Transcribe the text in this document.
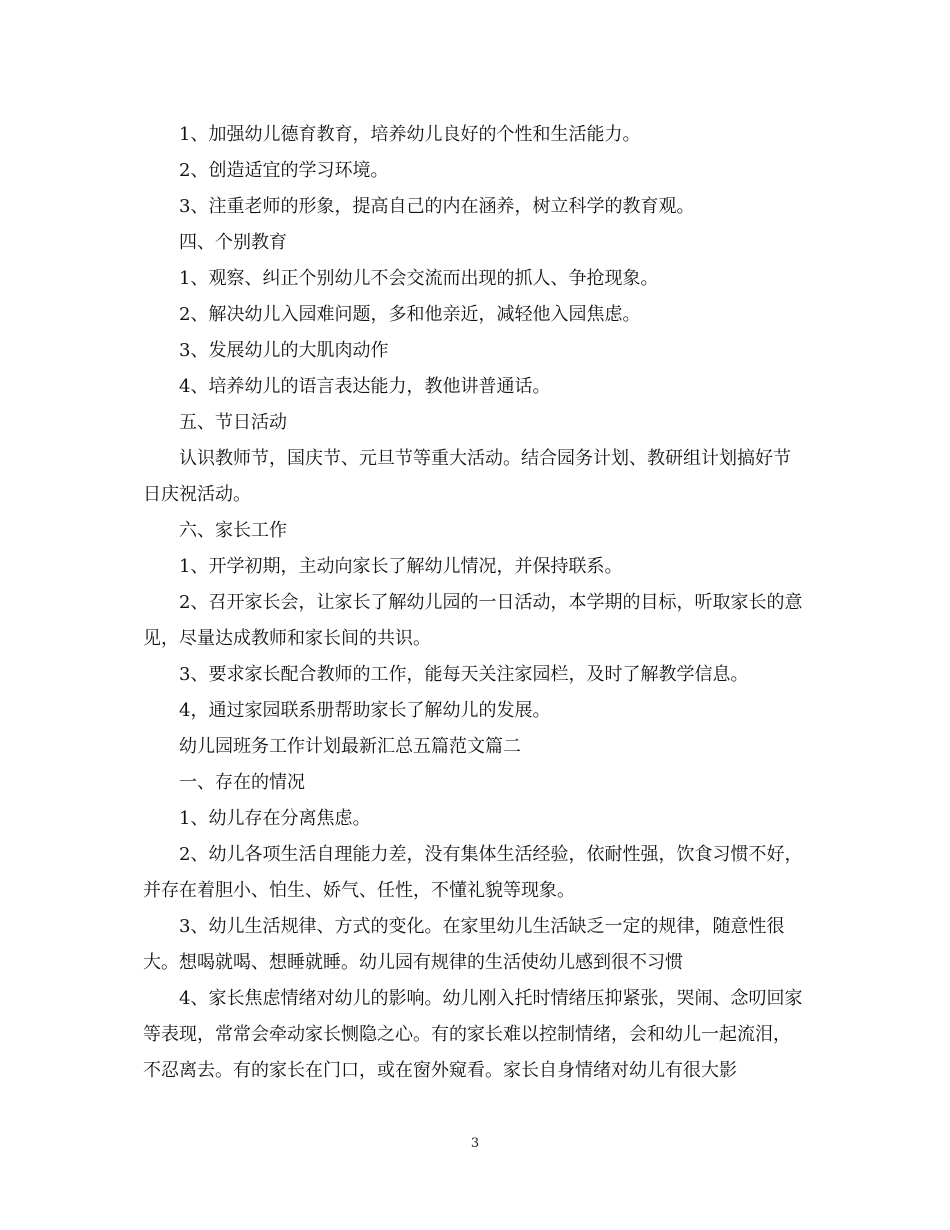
1、加强幼儿德育教育，培养幼儿良好的个性和生活能力。

2、创造适宜的学习环境。

3、注重老师的形象，提高自己的内在涵养，树立科学的教育观。

四、个别教育

1、观察、纠正个别幼儿不会交流而出现的抓人、争抢现象。

2、解决幼儿入园难问题，多和他亲近，减轻他入园焦虑。

3、发展幼儿的大肌肉动作

4、培养幼儿的语言表达能力，教他讲普通话。

五、节日活动

认识教师节，国庆节、元旦节等重大活动。结合园务计划、教研组计划搞好节日庆祝活动。

六、家长工作

1、开学初期，主动向家长了解幼儿情况，并保持联系。

2、召开家长会，让家长了解幼儿园的一日活动，本学期的目标，听取家长的意见，尽量达成教师和家长间的共识。

3、要求家长配合教师的工作，能每天关注家园栏，及时了解教学信息。

4，通过家园联系册帮助家长了解幼儿的发展。

幼儿园班务工作计划最新汇总五篇范文篇二

一、存在的情况

1、幼儿存在分离焦虑。

2、幼儿各项生活自理能力差，没有集体生活经验，依耐性强，饮食习惯不好，并存在着胆小、怕生、娇气、任性，不懂礼貌等现象。

3、幼儿生活规律、方式的变化。在家里幼儿生活缺乏一定的规律，随意性很大。想喝就喝、想睡就睡。幼儿园有规律的生活使幼儿感到很不习惯

4、家长焦虑情绪对幼儿的影响。幼儿刚入托时情绪压抑紧张，哭闹、念叨回家等表现，常常会牵动家长恻隐之心。有的家长难以控制情绪，会和幼儿一起流泪，不忍离去。有的家长在门口，或在窗外窥看。家长自身情绪对幼儿有很大影

3
